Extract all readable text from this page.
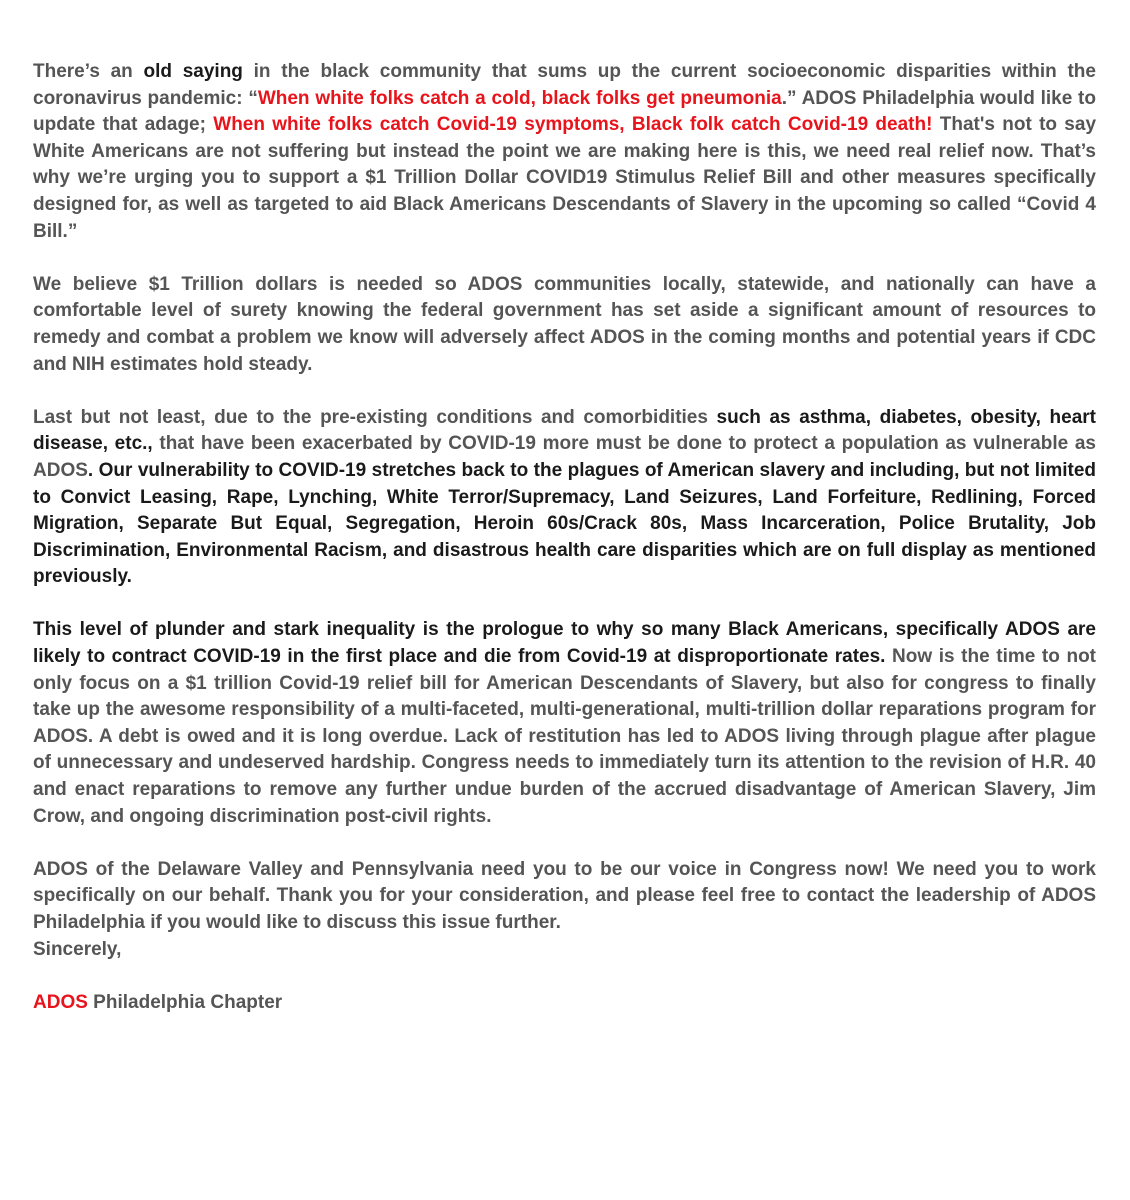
There’s an old saying in the black community that sums up the current socioeconomic disparities within the coronavirus pandemic: “When white folks catch a cold, black folks get pneumonia.” ADOS Philadelphia would like to update that adage; When white folks catch Covid-19 symptoms, Black folk catch Covid-19 death! That's not to say White Americans are not suffering but instead the point we are making here is this, we need real relief now. That’s why we’re urging you to support a $1 Trillion Dollar COVID19 Stimulus Relief Bill and other measures specifically designed for, as well as targeted to aid Black Americans Descendants of Slavery in the upcoming so called “Covid 4 Bill.”

We believe $1 Trillion dollars is needed so ADOS communities locally, statewide, and nationally can have a comfortable level of surety knowing the federal government has set aside a significant amount of resources to remedy and combat a problem we know will adversely affect ADOS in the coming months and potential years if CDC and NIH estimates hold steady.

Last but not least, due to the pre-existing conditions and comorbidities such as asthma, diabetes, obesity, heart disease, etc., that have been exacerbated by COVID-19 more must be done to protect a population as vulnerable as ADOS. Our vulnerability to COVID-19 stretches back to the plagues of American slavery and including, but not limited to Convict Leasing, Rape, Lynching, White Terror/Supremacy, Land Seizures, Land Forfeiture, Redlining, Forced Migration, Separate But Equal, Segregation, Heroin 60s/Crack 80s, Mass Incarceration, Police Brutality, Job Discrimination, Environmental Racism, and disastrous health care disparities which are on full display as mentioned previously.

This level of plunder and stark inequality is the prologue to why so many Black Americans, specifically ADOS are likely to contract COVID-19 in the first place and die from Covid-19 at disproportionate rates. Now is the time to not only focus on a $1 trillion Covid-19 relief bill for American Descendants of Slavery, but also for congress to finally take up the awesome responsibility of a multi-faceted, multi-generational, multi-trillion dollar reparations program for ADOS. A debt is owed and it is long overdue. Lack of restitution has led to ADOS living through plague after plague of unnecessary and undeserved hardship. Congress needs to immediately turn its attention to the revision of H.R. 40 and enact reparations to remove any further undue burden of the accrued disadvantage of American Slavery, Jim Crow, and ongoing discrimination post-civil rights.

ADOS of the Delaware Valley and Pennsylvania need you to be our voice in Congress now! We need you to work specifically on our behalf. Thank you for your consideration, and please feel free to contact the leadership of ADOS Philadelphia if you would like to discuss this issue further.

Sincerely,

ADOS Philadelphia Chapter
